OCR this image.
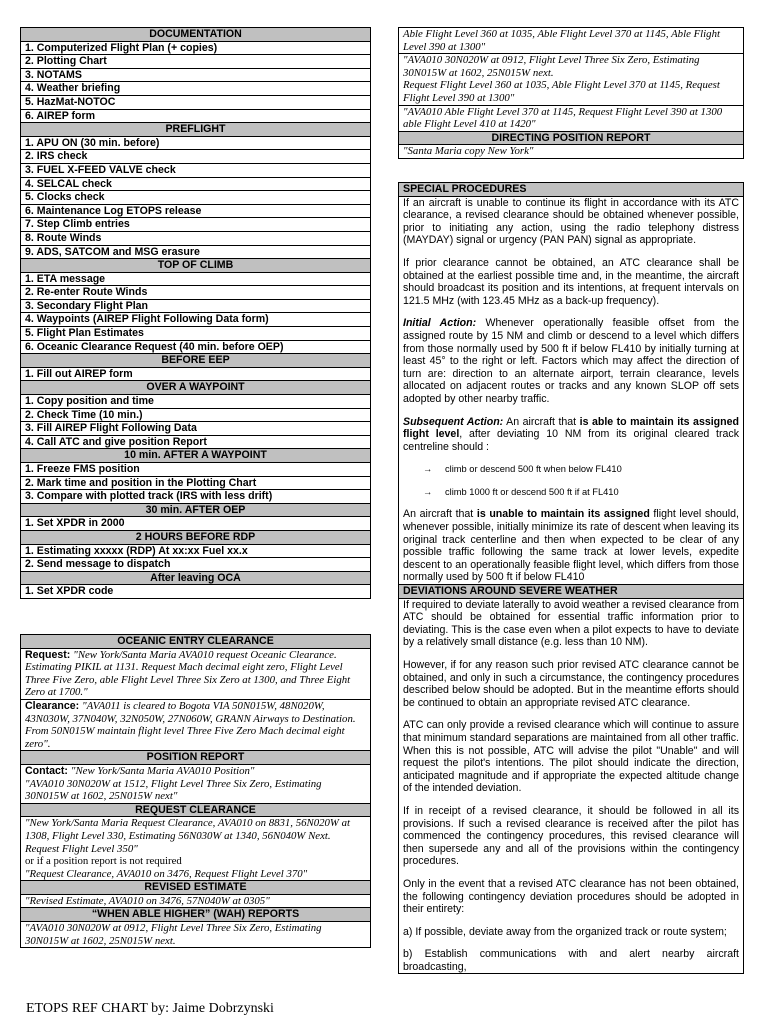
DOCUMENTATION
1. Computerized Flight Plan (+ copies)
2. Plotting Chart
3. NOTAMS
4. Weather briefing
5. HazMat-NOTOC
6. AIREP form
PREFLIGHT
1. APU ON (30 min. before)
2. IRS check
3. FUEL X-FEED VALVE check
4. SELCAL check
5. Clocks check
6. Maintenance Log ETOPS release
7. Step Climb entries
8. Route Winds
9. ADS, SATCOM and MSG erasure
TOP OF CLIMB
1. ETA message
2. Re-enter Route Winds
3. Secondary Flight Plan
4. Waypoints (AIREP Flight Following Data form)
5. Flight Plan Estimates
6. Oceanic Clearance Request (40 min. before OEP)
BEFORE EEP
1. Fill out AIREP form
OVER A WAYPOINT
1. Copy position and time
2. Check Time (10 min.)
3. Fill AIREP Flight Following Data
4. Call ATC and give position Report
10 min. AFTER A WAYPOINT
1. Freeze FMS position
2. Mark time and position in the Plotting Chart
3. Compare with plotted track (IRS with less drift)
30 min. AFTER OEP
1. Set XPDR in 2000
2 HOURS BEFORE RDP
1. Estimating xxxxx (RDP) At xx:xx Fuel xx.x
2. Send message to dispatch
After leaving OCA
1. Set XPDR code
OCEANIC ENTRY CLEARANCE
Request: "New York/Santa Maria AVA010 request Oceanic Clearance. Estimating PIKIL at 1131. Request Mach decimal eight zero, Flight Level Three Five Zero, able Flight Level Three Six Zero at 1300, and Three Eight Zero at 1700."
Clearance: "AVA011 is cleared to Bogota VIA 50N015W, 48N020W, 43N030W, 37N040W, 32N050W, 27N060W, GRANN Airways to Destination. From 50N015W maintain flight level Three Five Zero Mach decimal eight zero".
POSITION REPORT
Contact: "New York/Santa Maria AVA010 Position"
"AVA010 30N020W at 1512, Flight Level Three Six Zero, Estimating 30N015W at 1602, 25N015W next"
REQUEST CLEARANCE
"New York/Santa Maria Request Clearance, AVA010 on 8831, 56N020W at 1308, Flight Level 330, Estimating 56N030W at 1340, 56N040W Next. Request Flight Level 350"
or if a position report is not required
"Request Clearance, AVA010 on 3476, Request Flight Level 370"
REVISED ESTIMATE
"Revised Estimate, AVA010 on 3476, 57N040W at 0305"
“WHEN ABLE HIGHER” (WAH) REPORTS
"AVA010 30N020W at 0912, Flight Level Three Six Zero, Estimating 30N015W at 1602, 25N015W next.
Able Flight Level 360 at 1035, Able Flight Level 370 at 1145, Able Flight Level 390 at 1300"
"AVA010 30N020W at 0912, Flight Level Three Six Zero, Estimating 30N015W at 1602, 25N015W next.
Request Flight Level 360 at 1035, Able Flight Level 370 at 1145, Request Flight Level 390 at 1300"
"AVA010 Able Flight Level 370 at 1145, Request Flight Level 390 at 1300 able Flight Level 410 at 1420"
DIRECTING POSITION REPORT
"Santa Maria copy New York"
SPECIAL PROCEDURES

If an aircraft is unable to continue its flight in accordance with its ATC clearance, a revised clearance should be obtained whenever possible, prior to initiating any action, using the radio telephony distress (MAYDAY) signal or urgency (PAN PAN) signal as appropriate.

If prior clearance cannot be obtained, an ATC clearance shall be obtained at the earliest possible time and, in the meantime, the aircraft should broadcast its position and its intentions, at frequent intervals on 121.5 MHz (with 123.45 MHz as a back-up frequency).

Initial Action: Whenever operationally feasible offset from the assigned route by 15 NM and climb or descend to a level which differs from those normally used by 500 ft if below FL410 by initially turning at least 45° to the right or left. Factors which may affect the direction of turn are: direction to an alternate airport, terrain clearance, levels allocated on adjacent routes or tracks and any known SLOP off sets adopted by other nearby traffic.

Subsequent Action: An aircraft that is able to maintain its assigned flight level, after deviating 10 NM from its original cleared track centreline should :

→ climb or descend 500 ft when below FL410
→ climb 1000 ft or descend 500 ft if at FL410

An aircraft that is unable to maintain its assigned flight level should, whenever possible, initially minimize its rate of descent when leaving its original track centerline and then when expected to be clear of any possible traffic following the same track at lower levels, expedite descent to an operationally feasible flight level, which differs from those normally used by 500 ft if below FL410

DEVIATIONS AROUND SEVERE WEATHER

If required to deviate laterally to avoid weather a revised clearance from ATC should be obtained for essential traffic information prior to deviating. This is the case even when a pilot expects to have to deviate by a relatively small distance (e.g. less than 10 NM).

However, if for any reason such prior revised ATC clearance cannot be obtained, and only in such a circumstance, the contingency procedures described below should be adopted. But in the meantime efforts should be continued to obtain an appropriate revised ATC clearance.

ATC can only provide a revised clearance which will continue to assure that minimum standard separations are maintained from all other traffic. When this is not possible, ATC will advise the pilot "Unable" and will request the pilot's intentions. The pilot should indicate the direction, anticipated magnitude and if appropriate the expected altitude change of the intended deviation.

If in receipt of a revised clearance, it should be followed in all its provisions. If such a revised clearance is received after the pilot has commenced the contingency procedures, this revised clearance will then supersede any and all of the provisions within the contingency procedures.

Only in the event that a revised ATC clearance has not been obtained, the following contingency deviation procedures should be adopted in their entirety:

a) If possible, deviate away from the organized track or route system;

b) Establish communications with and alert nearby aircraft broadcasting,

ETOPS REF CHART by: Jaime Dobrzynski
